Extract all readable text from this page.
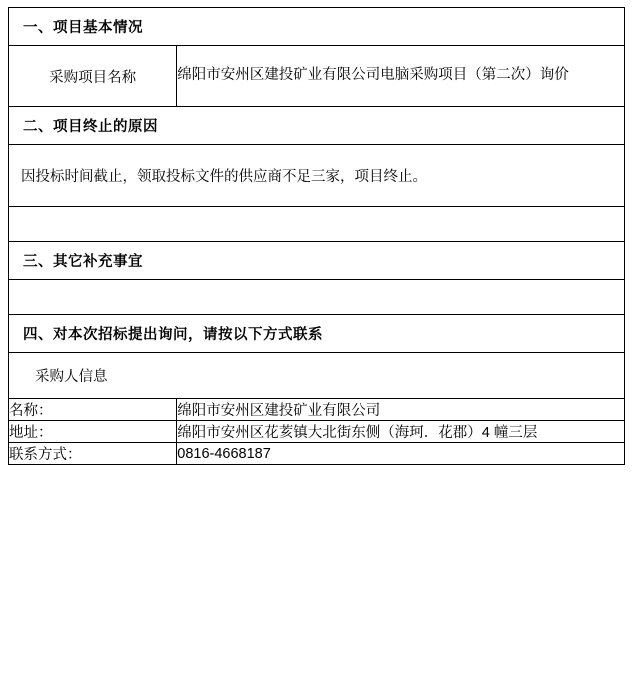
一、项目基本情况	

采购项目名称	绵阳市安州区建投矿业有限公司电脑采购项目（第二次）询价

二、项目终止的原因	

因投标时间截止，领取投标文件的供应商不足三家，项目终止。	

三、其它补充事宜	

四、对本次招标提出询问，请按以下方式联系	

采购人信息	

名称：	绵阳市安州区建投矿业有限公司
地址：	绵阳市安州区花荄镇大北街东侧（海珂．花郡）4 幢三层
联系方式：	0816-4668187
